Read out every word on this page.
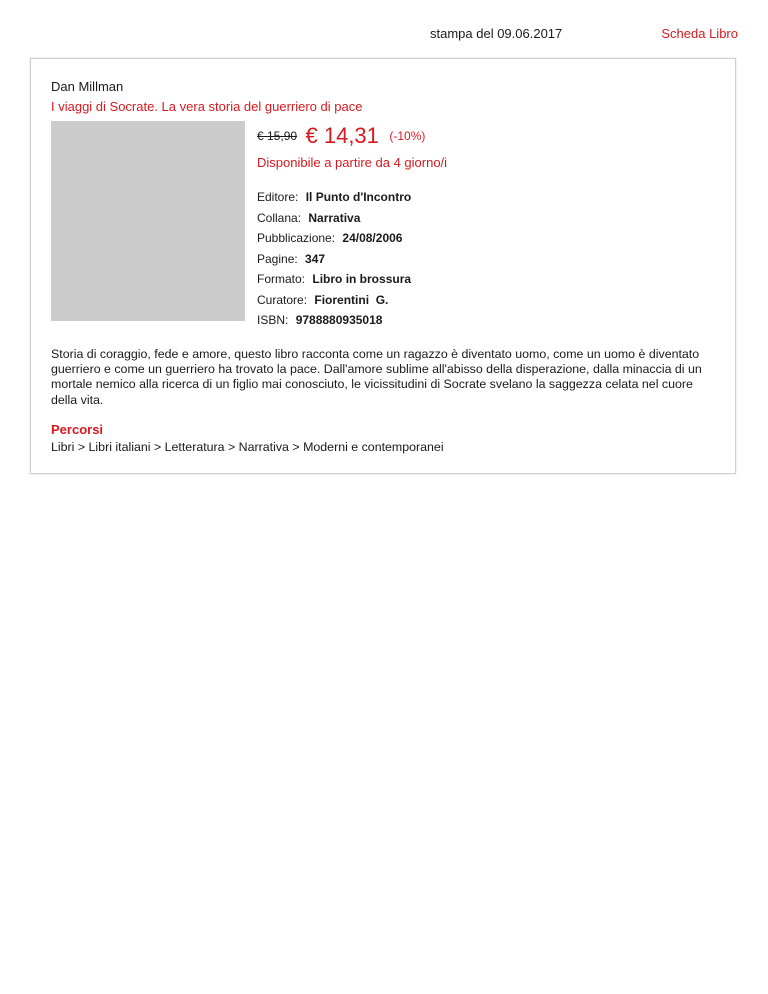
stampa del 09.06.2017	Scheda Libro
Dan Millman
I viaggi di Socrate. La vera storia del guerriero di pace
€ 15,90 € 14,31 (-10%)
Disponibile a partire da 4 giorno/i
Editore: Il Punto d'Incontro
Collana: Narrativa
Pubblicazione: 24/08/2006
Pagine: 347
Formato: Libro in brossura
Curatore: Fiorentini  G.
ISBN: 9788880935018
Storia di coraggio, fede e amore, questo libro racconta come un ragazzo è diventato uomo, come un uomo è diventato guerriero e come un guerriero ha trovato la pace. Dall'amore sublime all'abisso della disperazione, dalla minaccia di un mortale nemico alla ricerca di un figlio mai conosciuto, le vicissitudini di Socrate svelano la saggezza celata nel cuore della vita.
Percorsi
Libri > Libri italiani > Letteratura > Narrativa > Moderni e contemporanei
